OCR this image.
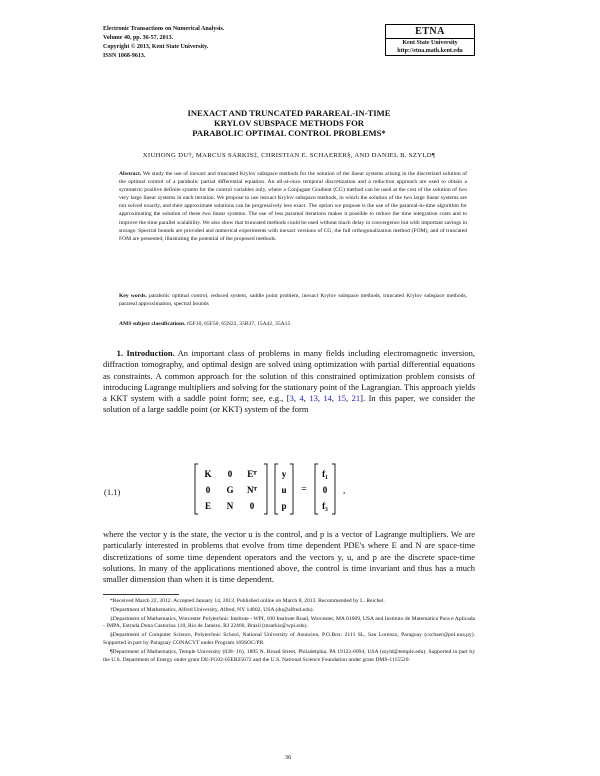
Electronic Transactions on Numerical Analysis.
Volume 40, pp. 36-57, 2013.
Copyright © 2013, Kent State University.
ISSN 1068-9613.
ETNA
Kent State University
http://etna.math.kent.edu
INEXACT AND TRUNCATED PARAREAL-IN-TIME
KRYLOV SUBSPACE METHODS FOR
PARABOLIC OPTIMAL CONTROL PROBLEMS*
XIUHONG DU†, MARCUS SARKIS‡, CHRISTIAN E. SCHAERER§, AND DANIEL B. SZYLD¶
Abstract. We study the use of inexact and truncated Krylov subspace methods for the solution of the linear systems arising in the discretized solution of the optimal control of a parabolic partial differential equation. An all-at-once temporal discretization and a reduction approach are used to obtain a symmetric positive definite system for the control variables only, where a Conjugate Gradient (CG) method can be used at the cost of the solution of two very large linear systems in each iteration. We propose to use inexact Krylov subspace methods, in which the solution of the two large linear systems are not solved exactly, and their approximate solutions can be progressively less exact. The option we propose is the use of the parareal-in-time algorithm for approximating the solution of these two linear systems. The use of less parareal iterations makes it possible to reduce the time integration costs and to improve the time parallel scalability. We also show that truncated methods could be used without much delay in convergence but with important savings in storage. Spectral bounds are provided and numerical experiments with inexact versions of CG, the full orthogonalization method (FOM), and of truncated FOM are presented, illustrating the potential of the proposed methods.
Key words. parabolic optimal control, reduced system, saddle point problem, inexact Krylov subspace methods, truncated Krylov subspace methods, parareal approximation, spectral bounds
AMS subject classifications. 65F10, 65F50, 65N22, 35B37, 15A42, 35A15
1. Introduction. An important class of problems in many fields including electromagnetic inversion, diffraction tomography, and optimal design are solved using optimization with partial differential equations as constraints. A common approach for the solution of this constrained optimization problem consists of introducing Lagrange multipliers and solving for the stationary point of the Lagrangian. This approach yields a KKT system with a saddle point form; see, e.g., [3, 4, 13, 14, 15, 21]. In this paper, we consider the solution of a large saddle point (or KKT) system of the form
(1.1)
K 0 Eᵀ
0 G Nᵀ
E N 0
y
u
p
=
f₁
0
f₃
,
where the vector y is the state, the vector u is the control, and p is a vector of Lagrange multipliers. We are particularly interested in problems that evolve from time dependent PDE's where E and N are space-time discretizations of some time dependent operators and the vectors y, u, and p are the discrete space-time solutions. In many of the applications mentioned above, the control is time invariant and thus has a much smaller dimension than when it is time dependent.

*Received March 22, 2012. Accepted January 14, 2013. Published online on March 8, 2013. Recommended by L. Reichel.

†Department of Mathematics, Alfred University, Alfred, NY 14802, USA (du@alfred.edu).

‡Department of Mathematics, Worcester Polytechnic Institute - WPI, 100 Institute Road, Worcester, MA 01609, USA and Instituto de Matemática Pura e Aplicada - IMPA, Estrada Dona Castorina 110, Rio de Janeiro, RJ 22460, Brazil (msarkis@wpi.edu).

§Department of Computer Science, Polytechnic School, National University of Asuncion, P.O.Box: 2111 SL, San Lorenzo, Paraguay (cschaer@pol.una.py). Supported in part by Paraguay CONACYT under Program 169SOC/PR.

¶Department of Mathematics, Temple University (038- 16), 1805 N. Broad Street, Philadelphia, PA 19122-6094, USA (szyld@temple.edu). Supported in part by the U.S. Department of Energy under grant DE-FG02-05ER25672 and the U.S. National Science Foundation under grant DMS-1115520.

36
